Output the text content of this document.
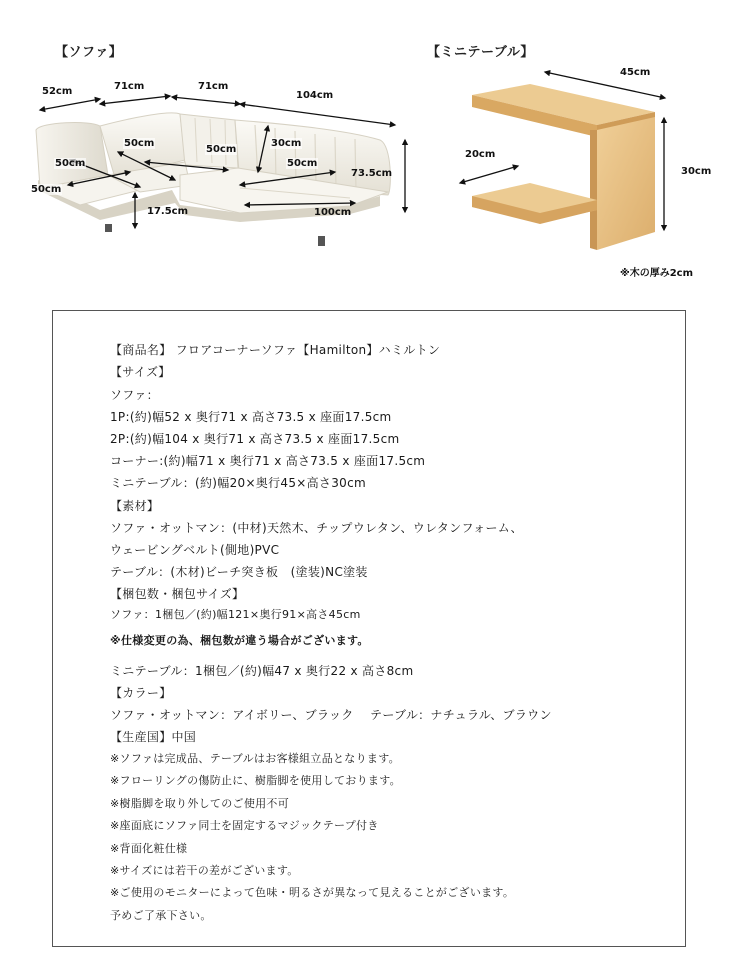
【ソファ】	【ミニテーブル】
52cm	71cm	71cm
104cm
50cm
50cm
50cm	50cm
50cm
30cm
73.5cm
17.5cm	100cm
45cm
20cm
30cm
※木の厚み2cm
【商品名】 フロアコーナーソファ【Hamilton】ハミルトン
【サイズ】
ソファ：
1P:(約)幅52 x 奥行71 x 高さ73.5 x 座面17.5cm
2P:(約)幅104 x 奥行71 x 高さ73.5 x 座面17.5cm
コーナー:(約)幅71 x 奥行71 x 高さ73.5 x 座面17.5cm
ミニテーブル：(約)幅20×奥行45×高さ30cm
【素材】
ソファ・オットマン：(中材)天然木、チップウレタン、ウレタンフォーム、
ウェービングベルト(側地)PVC
テーブル：(木材)ビーチ突き板　(塗装)NC塗装
【梱包数・梱包サイズ】
ソファ：1梱包／(約)幅121×奥行91×高さ45cm
※仕様変更の為、梱包数が違う場合がございます。
ミニテーブル：1梱包／(約)幅47 x 奥行22 x 高さ8cm
【カラー】
ソファ・オットマン：アイボリー、ブラック　 テーブル：ナチュラル、ブラウン
【生産国】中国
※ソファは完成品、テーブルはお客様組立品となります。
※フローリングの傷防止に、樹脂脚を使用しております。
※樹脂脚を取り外してのご使用不可
※座面底にソファ同士を固定するマジックテープ付き
※背面化粧仕様
※サイズには若干の差がございます。
※ご使用のモニターによって色味・明るさが異なって見えることがございます。
予めご了承下さい。
